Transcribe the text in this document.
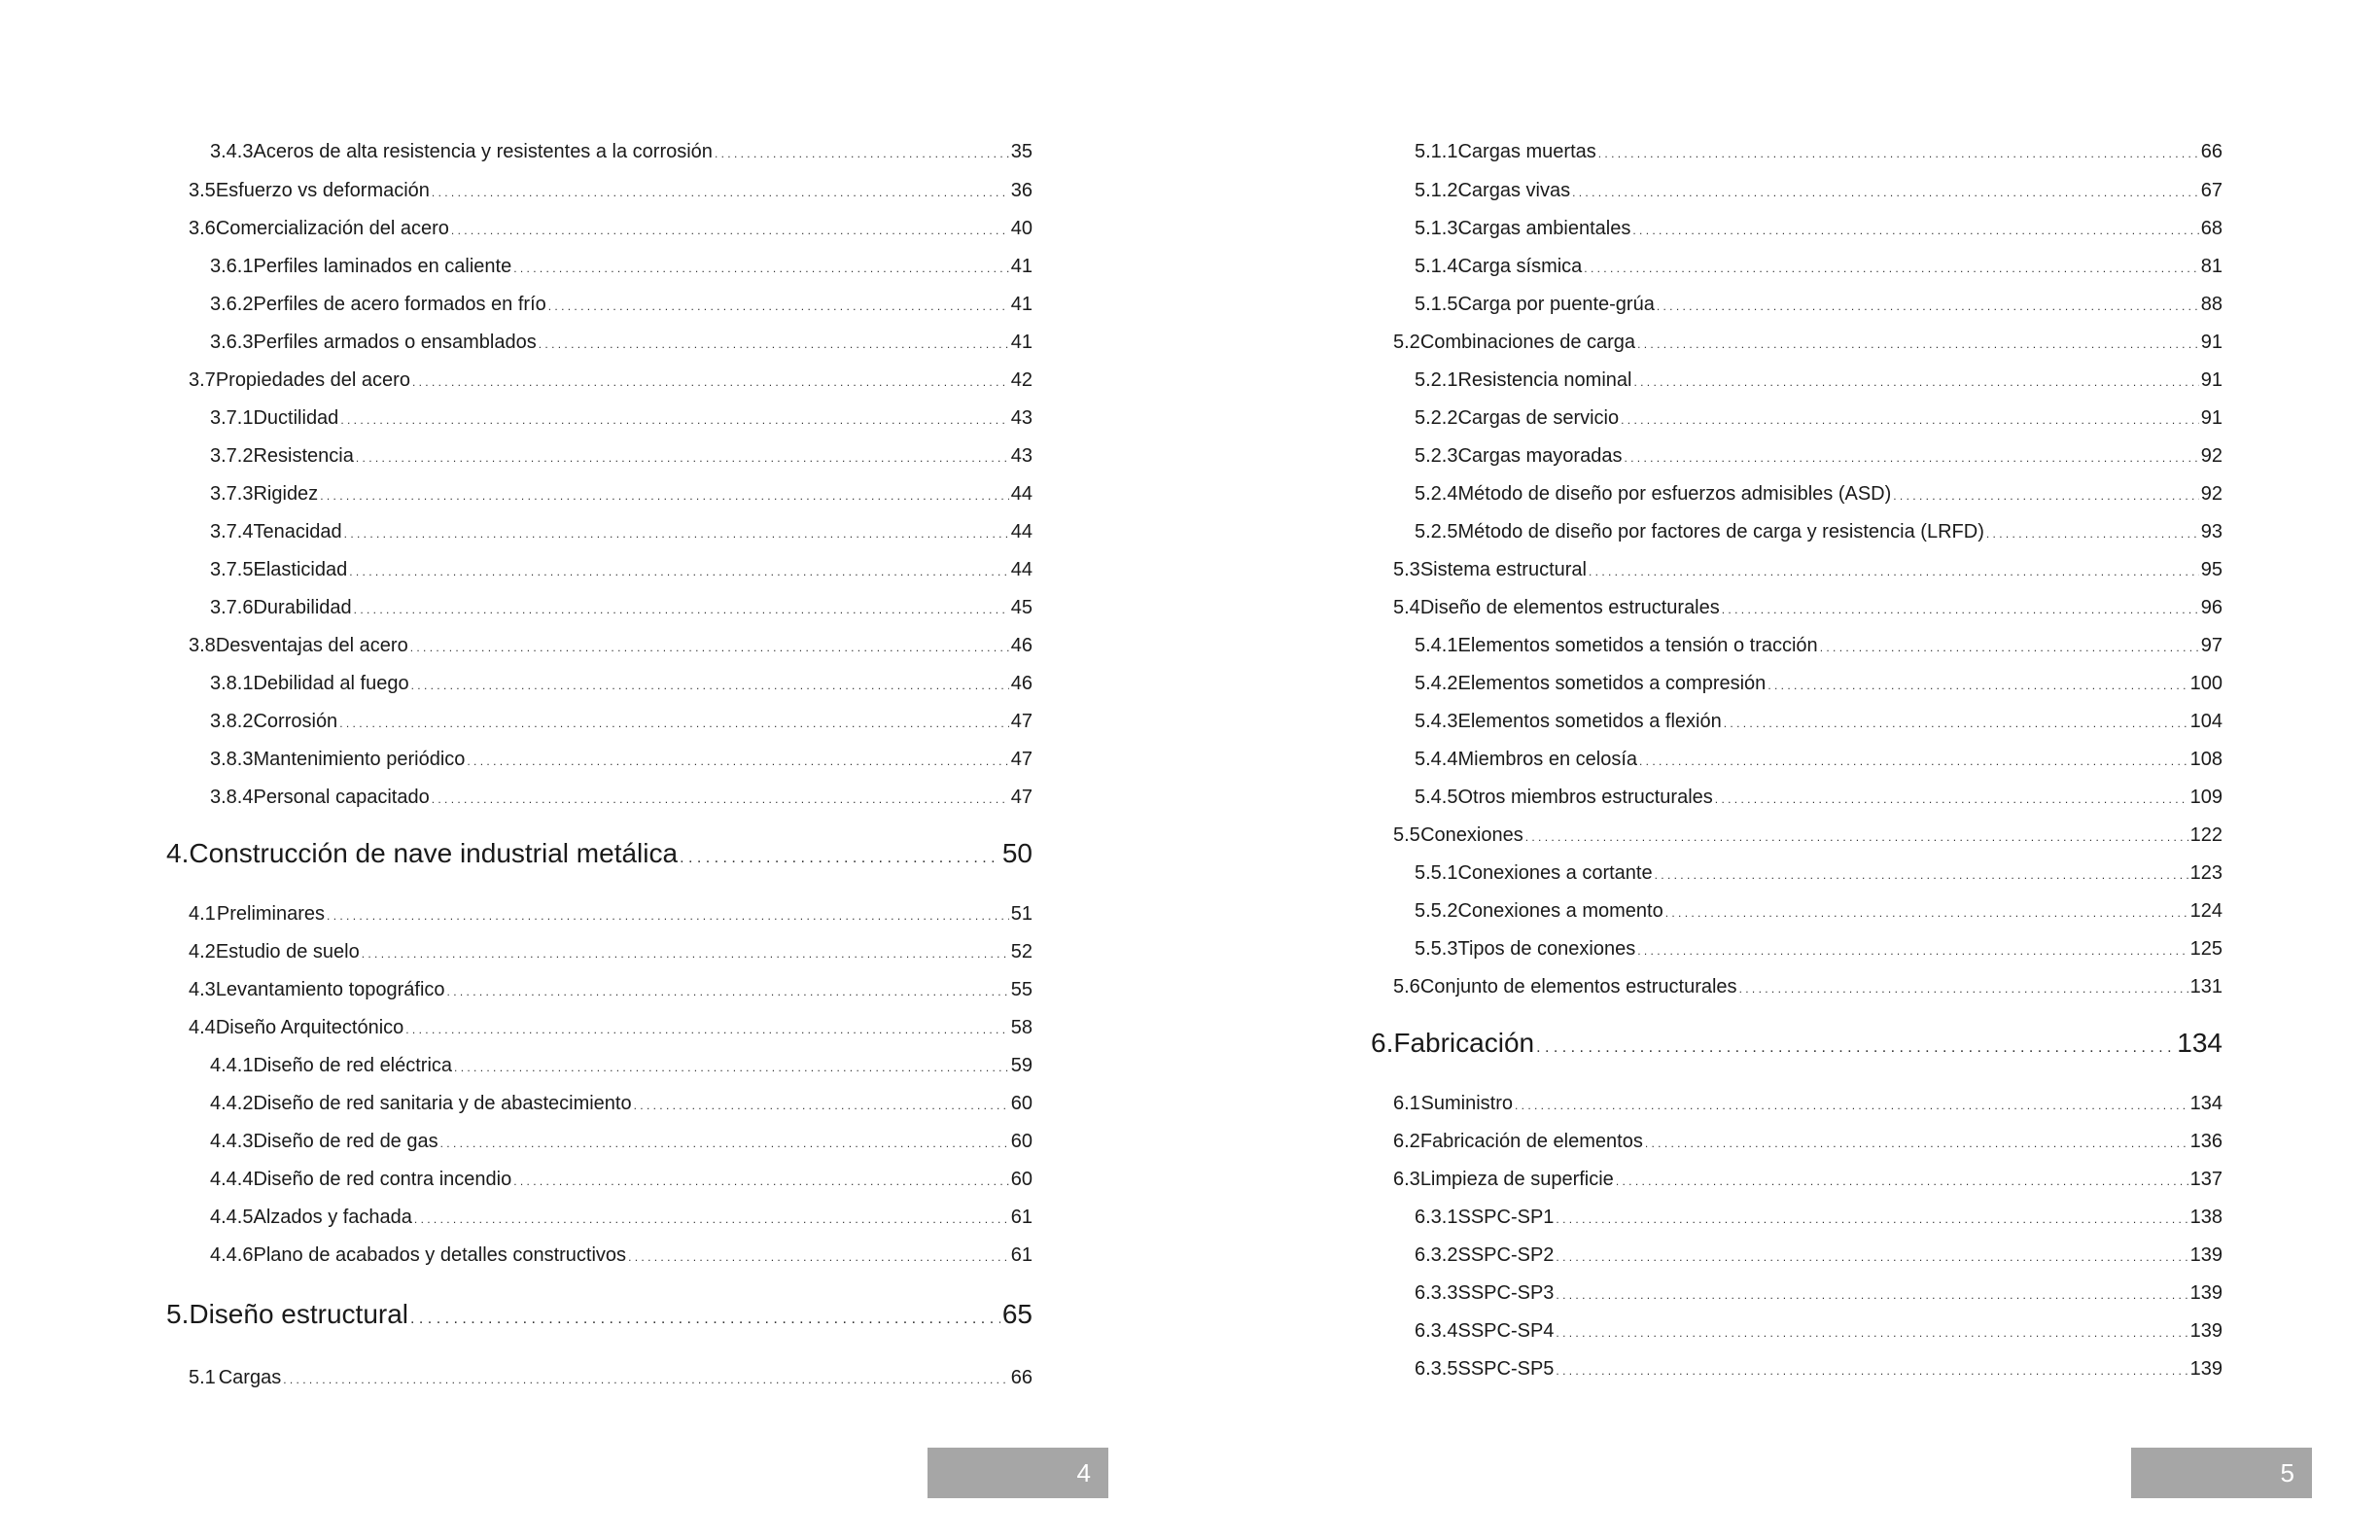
3.4.3 Aceros de alta resistencia y resistentes a la corrosión . . .	35
3.5 Esfuerzo vs deformación . . .	36
3.6 Comercialización del acero . . .	40
3.6.1 Perfiles laminados en caliente . . .	41
3.6.2 Perfiles de acero formados en frío . . .	41
3.6.3 Perfiles armados o ensamblados . . .	41
3.7 Propiedades del acero . . .	42
3.7.1 Ductilidad . . .	43
3.7.2 Resistencia . . .	43
3.7.3 Rigidez . . .	44
3.7.4 Tenacidad . . .	44
3.7.5 Elasticidad . . .	44
3.7.6 Durabilidad . . .	45
3.8 Desventajas del acero . . .	46
3.8.1 Debilidad al fuego . . .	46
3.8.2 Corrosión . . .	47
3.8.3 Mantenimiento periódico . . .	47
3.8.4 Personal capacitado . . .	47
4. Construcción de nave industrial metálica . . .	50
4.1 Preliminares . . .	51
4.2 Estudio de suelo . . .	52
4.3 Levantamiento topográfico . . .	55
4.4 Diseño Arquitectónico . . .	58
4.4.1 Diseño de red eléctrica . . .	59
4.4.2 Diseño de red sanitaria y de abastecimiento . . .	60
4.4.3 Diseño de red de gas . . .	60
4.4.4 Diseño de red contra incendio . . .	60
4.4.5 Alzados y fachada . . .	61
4.4.6 Plano de acabados y detalles constructivos . . .	61
5. Diseño estructural . . .	65
5.1 Cargas . . .	66
4
5.1.1 Cargas muertas . . .	66
5.1.2 Cargas vivas . . .	67
5.1.3 Cargas ambientales . . .	68
5.1.4 Carga sísmica . . .	81
5.1.5 Carga por puente-grúa . . .	88
5.2 Combinaciones de carga . . .	91
5.2.1 Resistencia nominal . . .	91
5.2.2 Cargas de servicio . . .	91
5.2.3 Cargas mayoradas . . .	92
5.2.4 Método de diseño por esfuerzos admisibles (ASD) . . .	92
5.2.5 Método de diseño por factores de carga y resistencia (LRFD) . . .	93
5.3 Sistema estructural . . .	95
5.4 Diseño de elementos estructurales . . .	96
5.4.1 Elementos sometidos a tensión o tracción . . .	97
5.4.2 Elementos sometidos a compresión . . .	100
5.4.3 Elementos sometidos a flexión . . .	104
5.4.4 Miembros en celosía . . .	108
5.4.5 Otros miembros estructurales . . .	109
5.5 Conexiones . . .	122
5.5.1 Conexiones a cortante . . .	123
5.5.2 Conexiones a momento . . .	124
5.5.3 Tipos de conexiones . . .	125
5.6 Conjunto de elementos estructurales . . .	131
6. Fabricación . . .	134
6.1 Suministro . . .	134
6.2 Fabricación de elementos . . .	136
6.3 Limpieza de superficie . . .	137
6.3.1 SSPC-SP1 . . .	138
6.3.2 SSPC-SP2 . . .	139
6.3.3 SSPC-SP3 . . .	139
6.3.4 SSPC-SP4 . . .	139
6.3.5 SSPC-SP5 . . .	139
5
